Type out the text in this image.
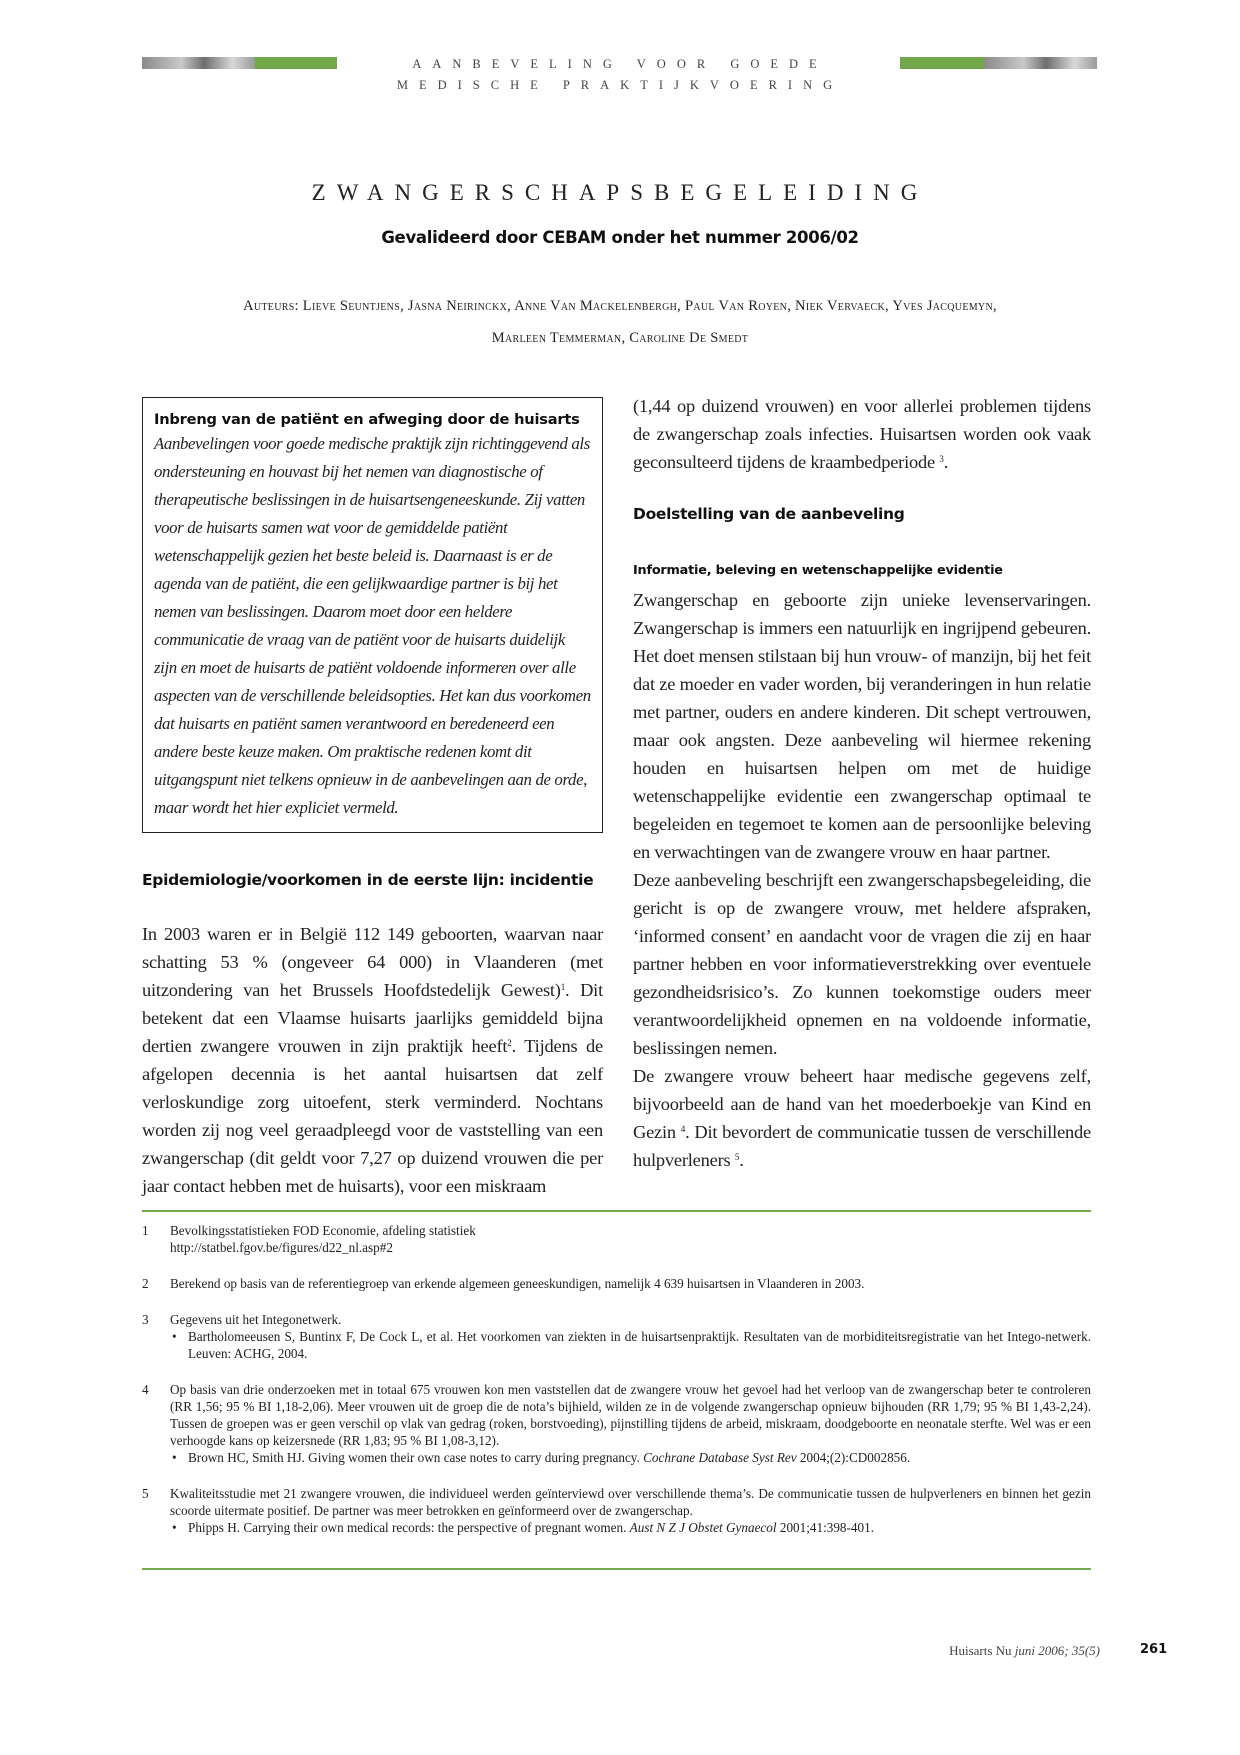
AANBEVELING VOOR GOEDE
MEDISCHE PRAKTIJKVOERING
ZWANGERSCHAPSBEGELEIDING
Gevalideerd door CEBAM onder het nummer 2006/02
Auteurs: Lieve Seuntjens, Jasna Neirinckx, Anne Van Mackelenbergh, Paul Van Royen, Niek Vervaeck, Yves Jacquemyn,
Marleen Temmerman, Caroline De Smedt
Inbreng van de patiënt en afweging door de huisarts

Aanbevelingen voor goede medische praktijk zijn richtinggevend als ondersteuning en houvast bij het nemen van diagnostische of therapeutische beslissingen in de huisartsengeneeskunde. Zij vatten voor de huisarts samen wat voor de gemiddelde patiënt wetenschappelijk gezien het beste beleid is. Daarnaast is er de agenda van de patiënt, die een gelijkwaardige partner is bij het nemen van beslissingen. Daarom moet door een heldere communicatie de vraag van de patiënt voor de huisarts duidelijk zijn en moet de huisarts de patiënt voldoende informeren over alle aspecten van de verschillende beleidsopties. Het kan dus voorkomen dat huisarts en patiënt samen verantwoord en beredeneerd een andere beste keuze maken. Om praktische redenen komt dit uitgangspunt niet telkens opnieuw in de aanbevelingen aan de orde, maar wordt het hier expliciet vermeld.

Epidemiologie/voorkomen in de eerste lijn: incidentie

In 2003 waren er in België 112 149 geboorten, waarvan naar schatting 53 % (ongeveer 64 000) in Vlaanderen (met uitzondering van het Brussels Hoofdstedelijk Gewest)$^1$. Dit betekent dat een Vlaamse huisarts jaarlijks gemiddeld bijna dertien zwangere vrouwen in zijn praktijk heeft$^2$. Tijdens de afgelopen decennia is het aantal huisartsen dat zelf verloskundige zorg uitoefent, sterk verminderd. Nochtans worden zij nog veel geraadpleegd voor de vaststelling van een zwangerschap (dit geldt voor 7,27 op duizend vrouwen die per jaar contact hebben met de huisarts), voor een miskraam

(1,44 op duizend vrouwen) en voor allerlei problemen tijdens de zwangerschap zoals infecties. Huisartsen worden ook vaak geconsulteerd tijdens de kraambedperiode $^3$.

Doelstelling van de aanbeveling
Informatie, beleving en wetenschappelijke evidentie

Zwangerschap en geboorte zijn unieke levenservaringen. Zwangerschap is immers een natuurlijk en ingrijpend gebeuren. Het doet mensen stilstaan bij hun vrouw- of manzijn, bij het feit dat ze moeder en vader worden, bij veranderingen in hun relatie met partner, ouders en andere kinderen. Dit schept vertrouwen, maar ook angsten. Deze aanbeveling wil hiermee rekening houden en huisartsen helpen om met de huidige wetenschappelijke evidentie een zwangerschap optimaal te begeleiden en tegemoet te komen aan de persoonlijke beleving en verwachtingen van de zwangere vrouw en haar partner.

Deze aanbeveling beschrijft een zwangerschapsbegeleiding, die gericht is op de zwangere vrouw, met heldere afspraken, ‘informed consent’ en aandacht voor de vragen die zij en haar partner hebben en voor informatieverstrekking over eventuele gezondheidsrisico’s. Zo kunnen toekomstige ouders meer verantwoordelijkheid opnemen en na voldoende informatie, beslissingen nemen.

De zwangere vrouw beheert haar medische gegevens zelf, bijvoorbeeld aan de hand van het moederboekje van Kind en Gezin $^4$. Dit bevordert de communicatie tussen de verschillende hulpverleners $^5$.

1 Bevolkingsstatistieken FOD Economie, afdeling statistiek
http://statbel.fgov.be/figures/d22_nl.asp#2
2 Berekend op basis van de referentiegroep van erkende algemeen geneeskundigen, namelijk 4 639 huisartsen in Vlaanderen in 2003.
3 Gegevens uit het Integonetwerk.
• Bartholomeeusen S, Buntinx F, De Cock L, et al. Het voorkomen van ziekten in de huisartsenpraktijk. Resultaten van de morbiditeitsregistratie van het Intego-netwerk. Leuven: ACHG, 2004.
4 Op basis van drie onderzoeken met in totaal 675 vrouwen kon men vaststellen dat de zwangere vrouw het gevoel had het verloop van de zwangerschap beter te controleren (RR 1,56; 95 % BI 1,18-2,06). Meer vrouwen uit de groep die de nota’s bijhield, wilden ze in de volgende zwangerschap opnieuw bijhouden (RR 1,79; 95 % BI 1,43-2,24). Tussen de groepen was er geen verschil op vlak van gedrag (roken, borstvoeding), pijnstilling tijdens de arbeid, miskraam, doodgeboorte en neonatale sterfte. Wel was er een verhoogde kans op keizersnede (RR 1,83; 95 % BI 1,08-3,12).
• Brown HC, Smith HJ. Giving women their own case notes to carry during pregnancy. Cochrane Database Syst Rev 2004;(2):CD002856.
5 Kwaliteitsstudie met 21 zwangere vrouwen, die individueel werden geïnterviewd over verschillende thema’s. De communicatie tussen de hulpverleners en binnen het gezin scoorde uitermate positief. De partner was meer betrokken en geïnformeerd over de zwangerschap.
• Phipps H. Carrying their own medical records: the perspective of pregnant women. Aust N Z J Obstet Gynaecol 2001;41:398-401.
Huisarts Nu juni 2006; 35(5)	261
